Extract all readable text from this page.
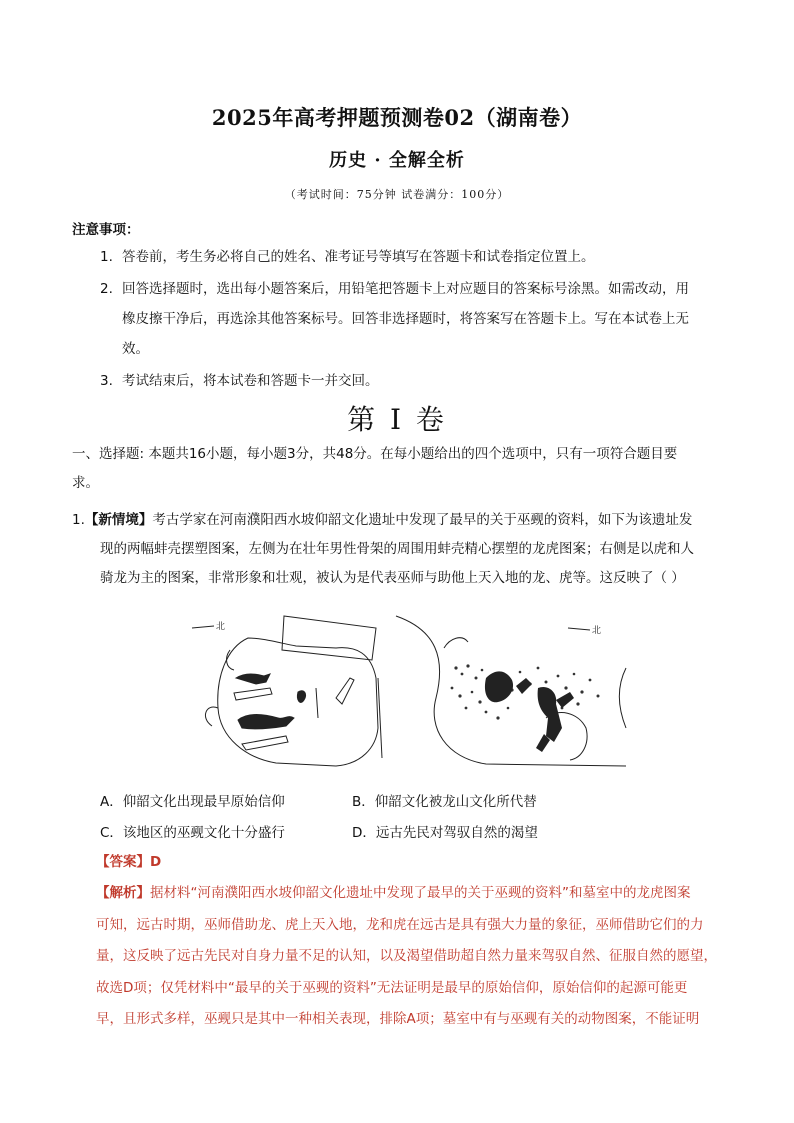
2025年高考押题预测卷02（湖南卷）
历史 · 全解全析
（考试时间：75分钟 试卷满分：100分）
注意事项：
1. 答卷前，考生务必将自己的姓名、准考证号等填写在答题卡和试卷指定位置上。
2. 回答选择题时，选出每小题答案后，用铅笔把答题卡上对应题目的答案标号涂黑。如需改动，用
橡皮擦干净后，再选涂其他答案标号。回答非选择题时，将答案写在答题卡上。写在本试卷上无
效。
3. 考试结束后，将本试卷和答题卡一并交回。
第 I 卷
一、选择题: 本题共16小题，每小题3分，共48分。在每小题给出的四个选项中，只有一项符合题目要
求。
1.【新情境】考古学家在河南濮阳西水坡仰韶文化遗址中发现了最早的关于巫觋的资料，如下为该遗址发
现的两幅蚌壳摆塑图案，左侧为在壮年男性骨架的周围用蚌壳精心摆塑的龙虎图案；右侧是以虎和人
骑龙为主的图案，非常形象和壮观，被认为是代表巫师与助他上天入地的龙、虎等。这反映了（ ）
北	北
A．仰韶文化出现最早原始信仰	B．仰韶文化被龙山文化所代替
C．该地区的巫觋文化十分盛行	D．远古先民对驾驭自然的渴望
【答案】D
【解析】据材料“河南濮阳西水坡仰韶文化遗址中发现了最早的关于巫觋的资料”和墓室中的龙虎图案
可知，远古时期，巫师借助龙、虎上天入地，龙和虎在远古是具有强大力量的象征，巫师借助它们的力
量，这反映了远古先民对自身力量不足的认知，以及渴望借助超自然力量来驾驭自然、征服自然的愿望，
故选D项；仅凭材料中“最早的关于巫觋的资料”无法证明是最早的原始信仰，原始信仰的起源可能更
早，且形式多样，巫觋只是其中一种相关表现，排除A项；墓室中有与巫觋有关的动物图案，不能证明
